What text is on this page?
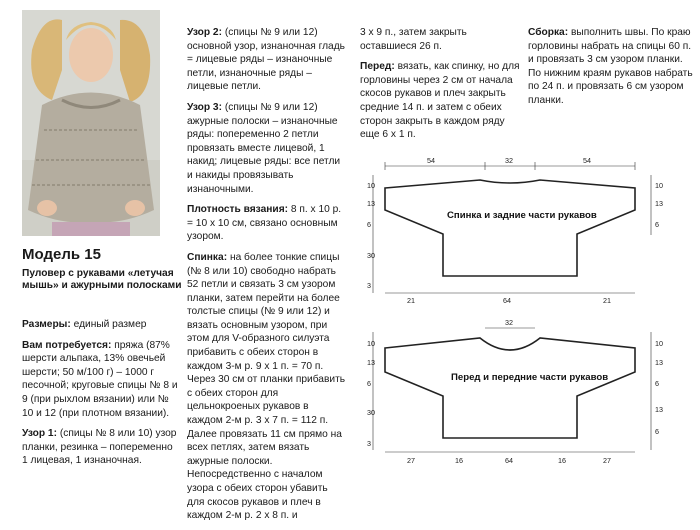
Модель 15

Пуловер с рукавами «летучая мышь» и ажурными полосками

Размеры: единый размер

Вам потребуется: пряжа (87% шерсти альпака, 13% овечьей шерсти; 50 м/100 г) – 1000 г песочной; круговые спицы № 8 и 9 (при рыхлом вязании) или № 10 и 12 (при плотном вязании).

Узор 1: (спицы № 8 или 10) узор планки, резинка – попеременно 1 лицевая, 1 изнаночная.

Узор 2: (спицы № 9 или 12) основной узор, изнаночная гладь = лицевые ряды – изнаночные петли, изнаночные ряды – лицевые петли.

Узор 3: (спицы № 9 или 12) ажурные полоски – изнаночные ряды: попеременно 2 петли провязать вместе лицевой, 1 накид; лицевые ряды: все петли и накиды провязывать изнаночными.

Плотность вязания: 8 п. х 10 р. = 10 х 10 см, связано основным узором.

Спинка: на более тонкие спицы (№ 8 или 10) свободно набрать 52 петли и связать 3 см узором планки, затем перейти на более толстые спицы (№ 9 или 12) и вязать основным узором, при этом для V-образного силуэта прибавить с обеих сторон в каждом 3-м р. 9 х 1 п. = 70 п. Через 30 см от планки прибавить с обеих сторон для цельнокроеных рукавов в каждом 2-м р. 3 х 7 п. = 112 п. Далее провязать 11 см прямо на всех петлях, затем вязать ажурные полоски. Непосредственно с началом узора с обеих сторон убавить для скосов рукавов и плеч в каждом 2-м р. 2 х 8 п. и

3 х 9 п., затем закрыть оставшиеся 26 п.

Перед: вязать, как спинку, но для горловины через 2 см от начала скосов рукавов и плеч закрыть средние 14 п. и затем с обеих сторон закрыть в каждом ряду еще 6 х 1 п.

Сборка: выполнить швы. По краю горловины набрать на спицы 60 п. и провязать 3 см узором планки. По нижним краям рукавов набрать по 24 п. и провязать 6 см узором планки.

54	32	54
Спинка и задние части рукавов
10
13
6
30
3
10
13
6
21	64	21
32
Перед и передние части рукавов
10
13
6
30
3
10
13
6
13
6
27	16	64	16	27
